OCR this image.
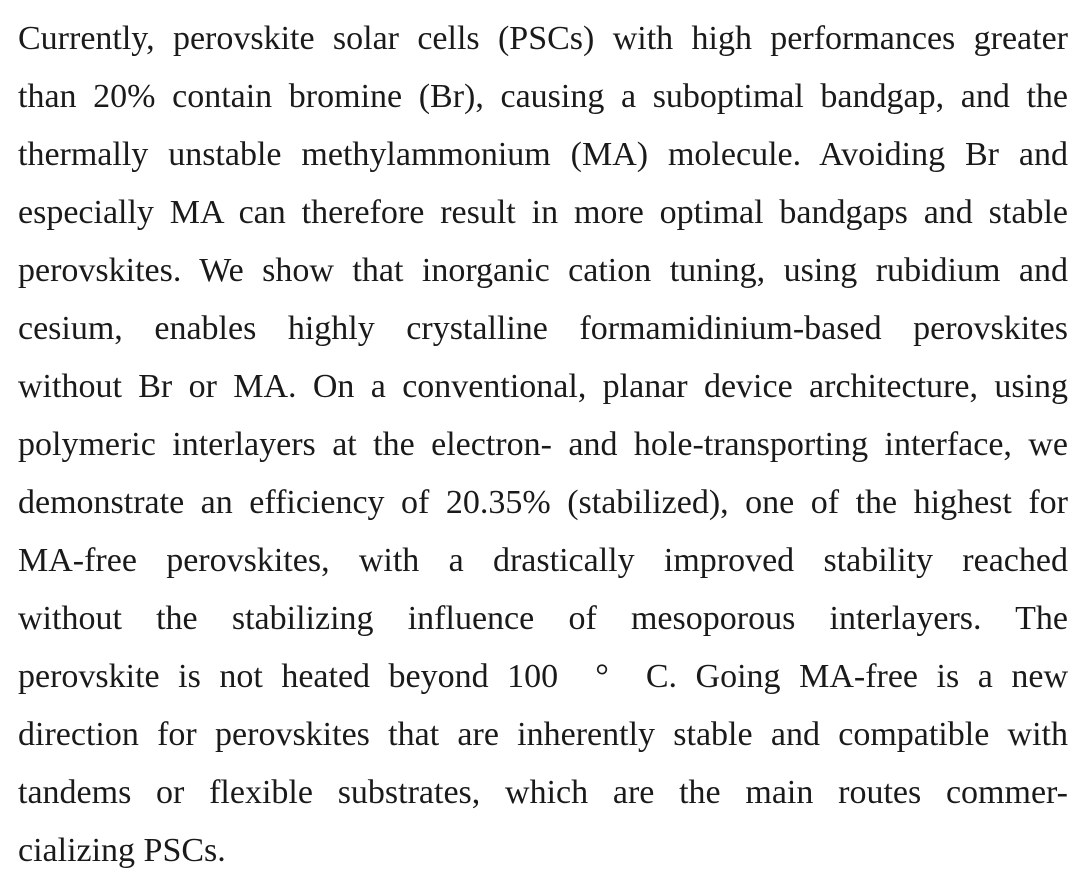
Currently, perovskite solar cells (PSCs) with high performances greater
than 20% contain bromine (Br), causing a suboptimal bandgap, and the
thermally unstable methylammonium (MA) molecule. Avoiding Br and
especially MA can therefore result in more optimal bandgaps and stable
perovskites. We show that inorganic cation tuning, using rubidium and
cesium, enables highly crystalline formamidinium-based perovskites
without Br or MA. On a conventional, planar device architecture, using
polymeric interlayers at the electron- and hole-transporting interface, we
demonstrate an efficiency of 20.35% (stabilized), one of the highest for
MA-free perovskites, with a drastically improved stability reached
without the stabilizing influence of mesoporous interlayers. The
perovskite is not heated beyond 100  °  C. Going MA-free is a new
direction for perovskites that are inherently stable and compatible with
tandems or flexible substrates, which are the main routes commer-
cializing PSCs.
